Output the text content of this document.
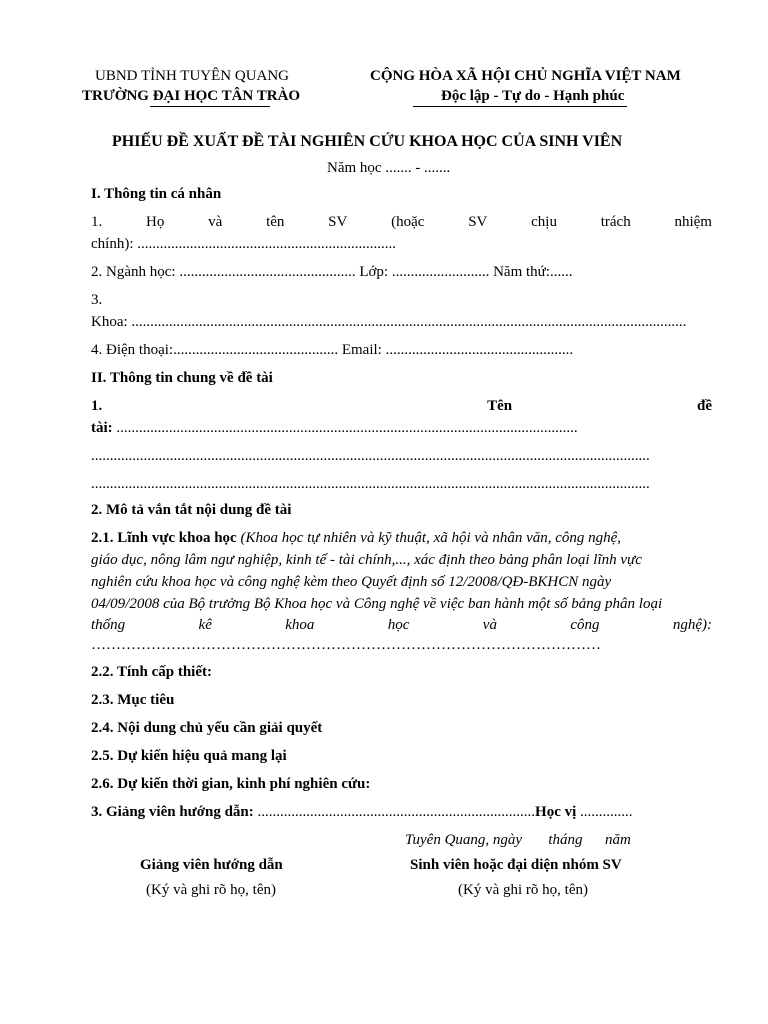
UBND TỈNH TUYÊN QUANG
TRƯỜNG ĐẠI HỌC TÂN TRÀO
CỘNG HÒA XÃ HỘI CHỦ NGHĨA VIỆT NAM
Độc lập - Tự do - Hạnh phúc
PHIẾU ĐỀ XUẤT ĐỀ TÀI NGHIÊN CỨU KHOA HỌC CỦA SINH VIÊN
Năm học ....... - .......
I. Thông tin cá nhân
1.	Họ	và	tên	SV	(hoặc	SV	chịu	trách	nhiệm
chính): .....................................................................
2. Ngành học: ............................................... Lớp: .......................... Năm thứ:......
3.
Khoa: ....................................................................................................................................................
4. Điện thoại:............................................ Email: ..................................................
II. Thông tin chung về đề tài
1.	Tên	đề
tài: ...........................................................................................................................
.....................................................................................................................................................
.....................................................................................................................................................
2. Mô tả vắn tắt nội dung đề tài
2.1. Lĩnh vực khoa học (Khoa học tự nhiên và kỹ thuật, xã hội và nhân văn, công nghệ,
giáo dục, nông lâm ngư nghiệp, kinh tế - tài chính,..., xác định theo bảng phân loại lĩnh vực
nghiên cứu khoa học và công nghệ kèm theo Quyết định số 12/2008/QĐ-BKHCN ngày
04/09/2008 của Bộ trưởng Bộ Khoa học và Công nghệ về việc ban hành một số bảng phân loại
thống	kê	khoa	học	và	công	nghệ):
…………………………………………………………………………………………
2.2. Tính cấp thiết:
2.3. Mục tiêu
2.4. Nội dung chủ yếu cần giải quyết
2.5. Dự kiến hiệu quả mang lại
2.6. Dự kiến thời gian, kinh phí nghiên cứu:
3. Giảng viên hướng dẫn: ..........................................................................Học vị ..............
Tuyên Quang, ngày       tháng      năm
Giảng viên hướng dẫn
(Ký và ghi rõ họ, tên)
Sinh viên hoặc đại diện nhóm SV
(Ký và ghi rõ họ, tên)
